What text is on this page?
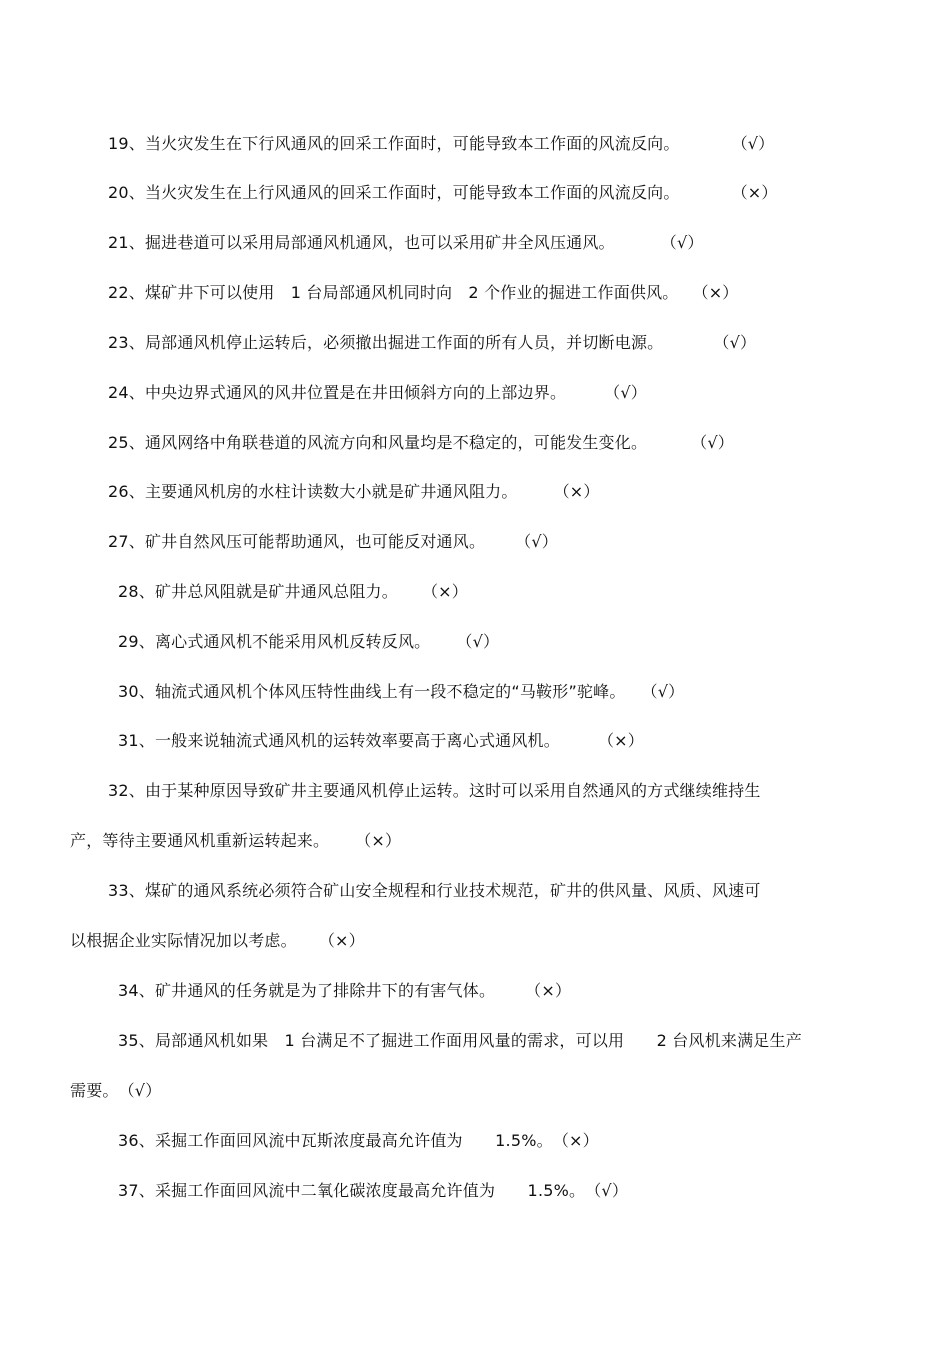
19、当火灾发生在下行风通风的回采工作面时，可能导致本工作面的风流反向。	（√）
20、当火灾发生在上行风通风的回采工作面时，可能导致本工作面的风流反向。	（×）
21、掘进巷道可以采用局部通风机通风，也可以采用矿井全风压通风。	（√）
22、煤矿井下可以使用　1 台局部通风机同时向　2 个作业的掘进工作面供风。 （×）
23、局部通风机停止运转后，必须撤出掘进工作面的所有人员，并切断电源。	（√）
24、中央边界式通风的风井位置是在井田倾斜方向的上部边界。 （√）
25、通风网络中角联巷道的风流方向和风量均是不稳定的，可能发生变化。	（√）
26、主要通风机房的水柱计读数大小就是矿井通风阻力。 （×）
27、矿井自然风压可能帮助通风，也可能反对通风。 （√）
28、矿井总风阻就是矿井通风总阻力。 （×）
29、离心式通风机不能采用风机反转反风。 （√）
30、轴流式通风机个体风压特性曲线上有一段不稳定的“马鞍形”驼峰。 （√）
31、一般来说轴流式通风机的运转效率要高于离心式通风机。 （×）
32、由于某种原因导致矿井主要通风机停止运转。这时可以采用自然通风的方式继续维持生
产，等待主要通风机重新运转起来。 （×）
33、煤矿的通风系统必须符合矿山安全规程和行业技术规范，矿井的供风量、风质、风速可
以根据企业实际情况加以考虑。 （×）
34、矿井通风的任务就是为了排除井下的有害气体。 （×）
35、局部通风机如果　1 台满足不了掘进工作面用风量的需求，可以用　　2 台风机来满足生产
需要。（√）
36、采掘工作面回风流中瓦斯浓度最高允许值为　　1.5%。（×）
37、采掘工作面回风流中二氧化碳浓度最高允许值为　　1.5%。（√）
